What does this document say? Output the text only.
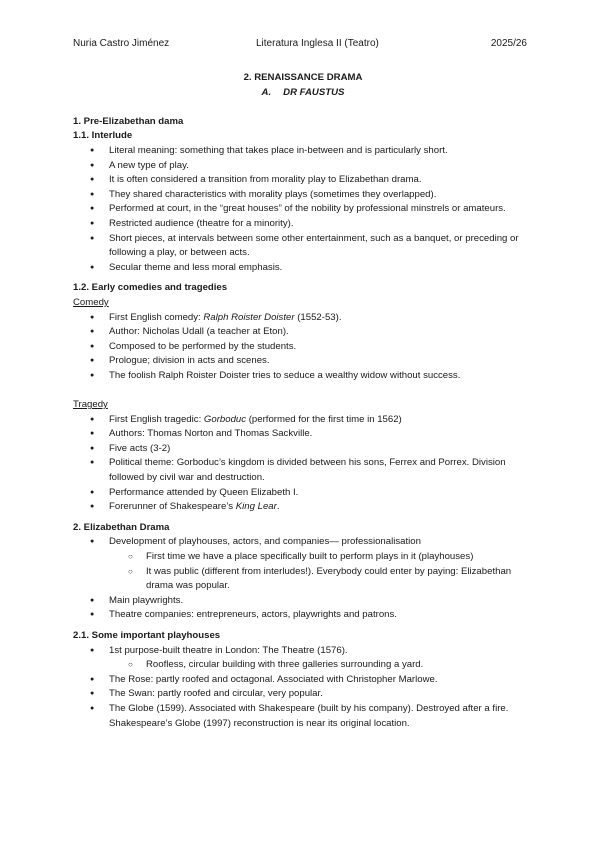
Nuria Castro Jiménez	Literatura Inglesa II (Teatro)	2025/26
2. RENAISSANCE DRAMA
A. DR FAUSTUS
1. Pre-Elizabethan dama
1.1. Interlude
● Literal meaning: something that takes place in-between and is particularly short.
● A new type of play.
● It is often considered a transition from morality play to Elizabethan drama.
● They shared characteristics with morality plays (sometimes they overlapped).
● Performed at court, in the “great houses” of the nobility by professional minstrels or amateurs.
● Restricted audience (theatre for a minority).
● Short pieces, at intervals between some other entertainment, such as a banquet, or preceding or following a play, or between acts.
● Secular theme and less moral emphasis.
1.2. Early comedies and tragedies
Comedy
● First English comedy: Ralph Roister Doister (1552-53).
● Author: Nicholas Udall (a teacher at Eton).
● Composed to be performed by the students.
● Prologue; division in acts and scenes.
● The foolish Ralph Roister Doister tries to seduce a wealthy widow without success.
Tragedy
● First English tragedic: Gorboduc (performed for the first time in 1562)
● Authors: Thomas Norton and Thomas Sackville.
● Five acts (3-2)
● Political theme: Gorboduc’s kingdom is divided between his sons, Ferrex and Porrex. Division followed by civil war and destruction.
● Performance attended by Queen Elizabeth I.
● Forerunner of Shakespeare’s King Lear.
2. Elizabethan Drama
● Development of playhouses, actors, and companies— professionalisation
○ First time we have a place specifically built to perform plays in it (playhouses)
○ It was public (different from interludes!). Everybody could enter by paying: Elizabethan drama was popular.
● Main playwrights.
● Theatre companies: entrepreneurs, actors, playwrights and patrons.
2.1. Some important playhouses
● 1st purpose-built theatre in London: The Theatre (1576).
○ Roofless, circular building with three galleries surrounding a yard.
● The Rose: partly roofed and octagonal. Associated with Christopher Marlowe.
● The Swan: partly roofed and circular, very popular.
● The Globe (1599). Associated with Shakespeare (built by his company). Destroyed after a fire. Shakespeare’s Globe (1997) reconstruction is near its original location.
